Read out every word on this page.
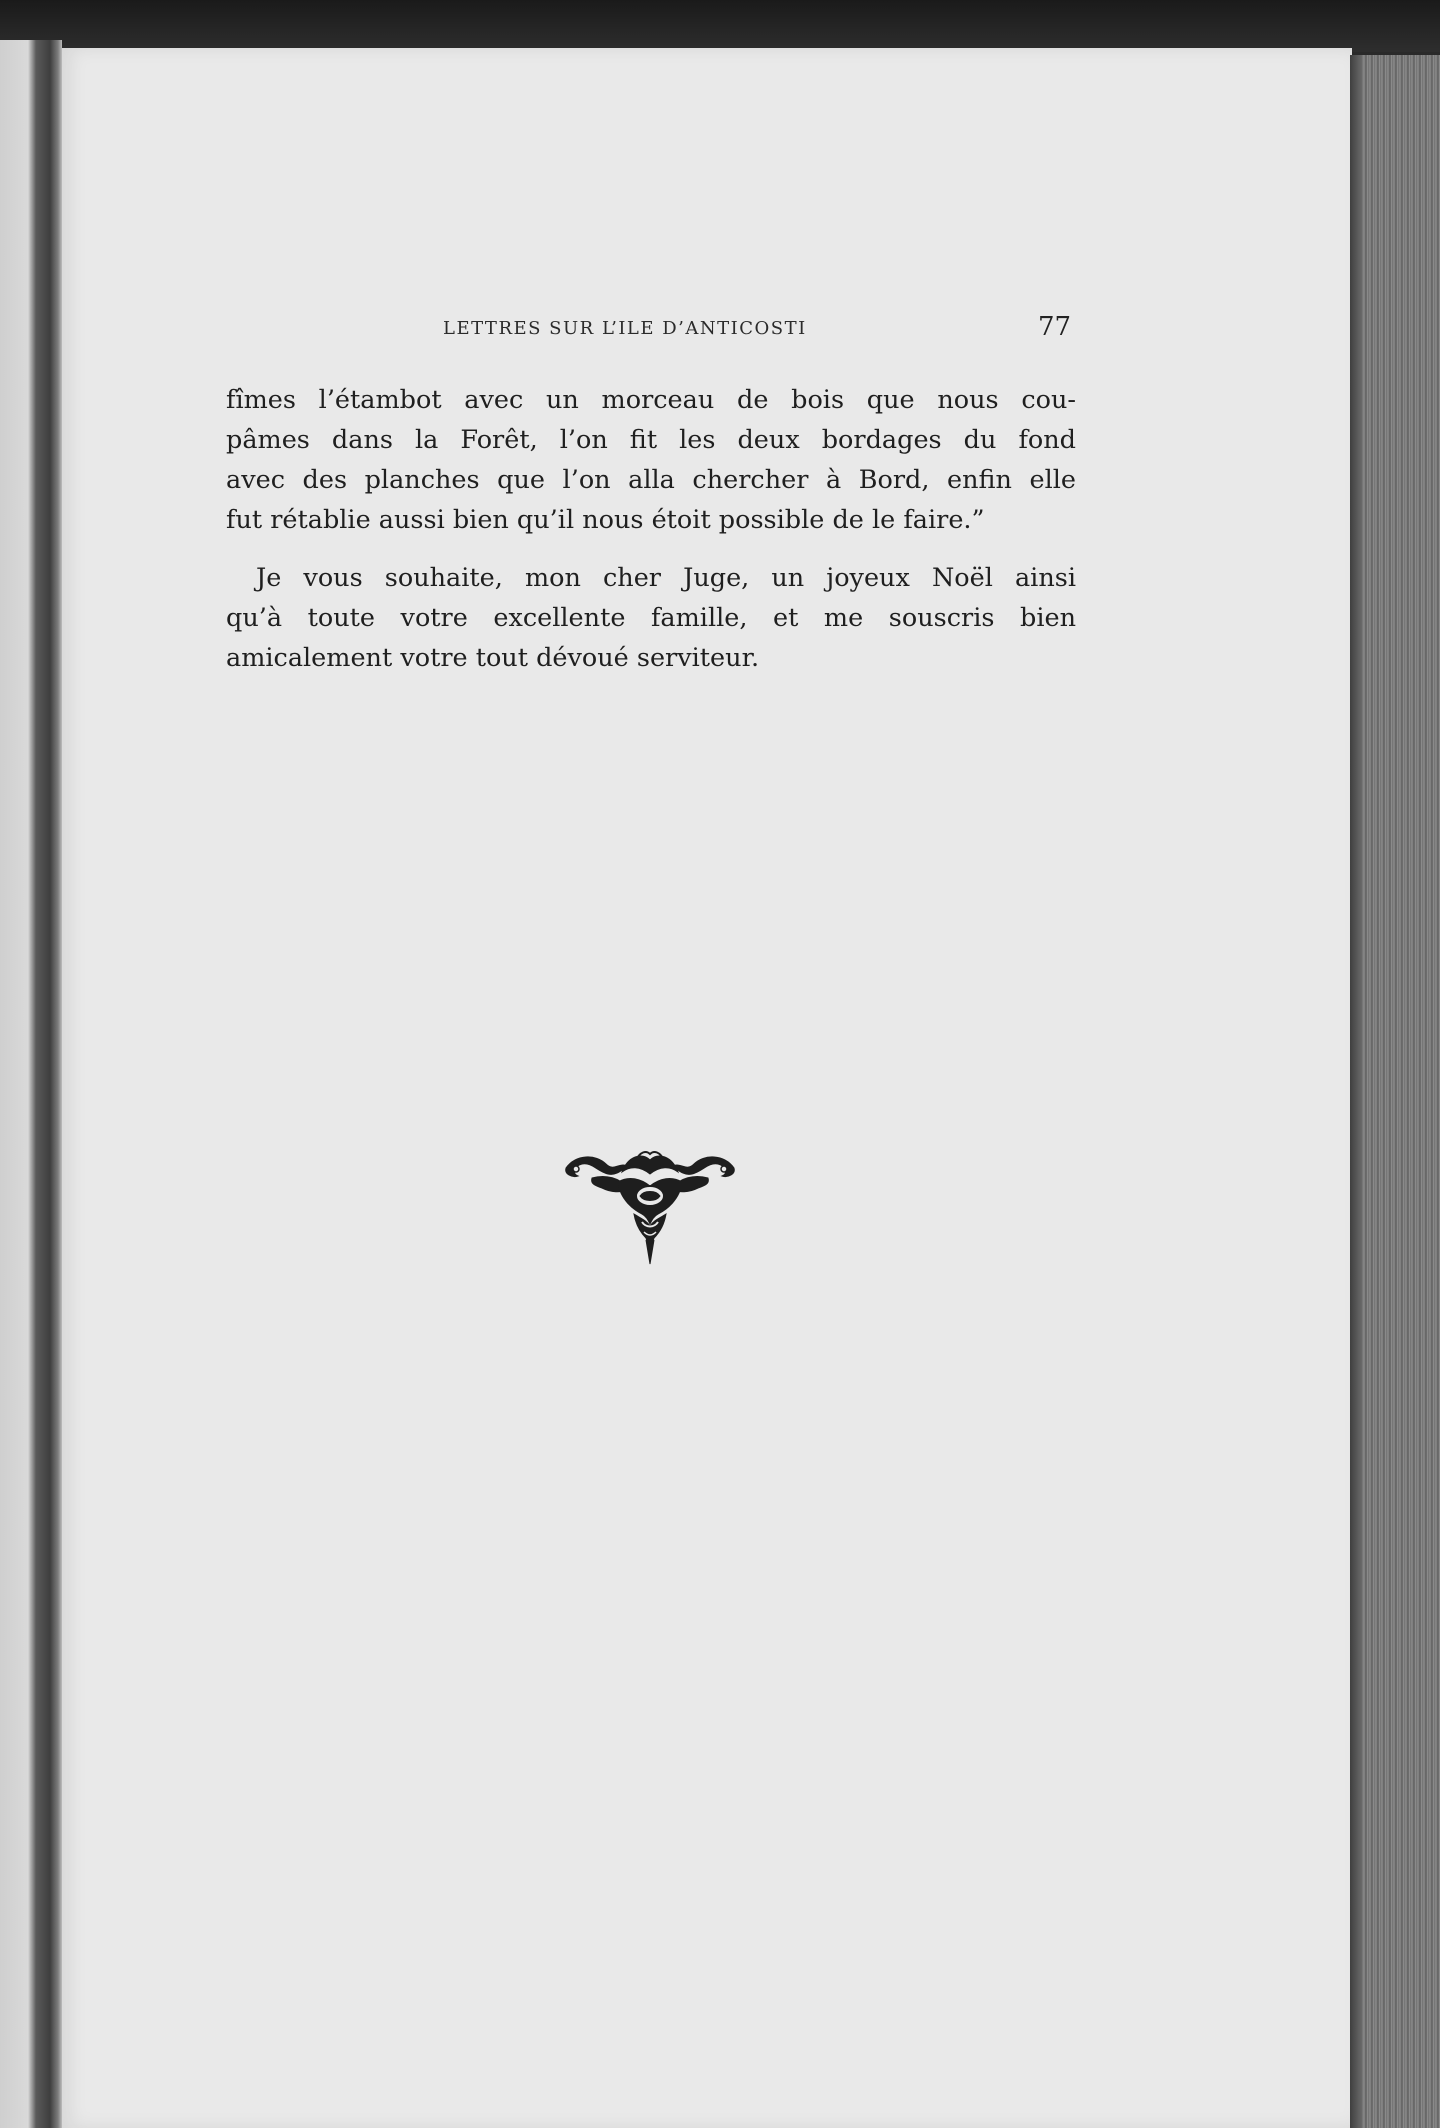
LETTRES SUR L’ILE D’ANTICOSTI	77

fîmes l’étambot avec un morceau de bois que nous cou-

pâmes dans la Forêt, l’on fit les deux bordages du fond

avec des planches que l’on alla chercher à Bord, enfin elle

fut rétablie aussi bien qu’il nous étoit possible de le faire.”

Je vous souhaite, mon cher Juge, un joyeux Noël ainsi

qu’à toute votre excellente famille, et me souscris bien

amicalement votre tout dévoué serviteur.
